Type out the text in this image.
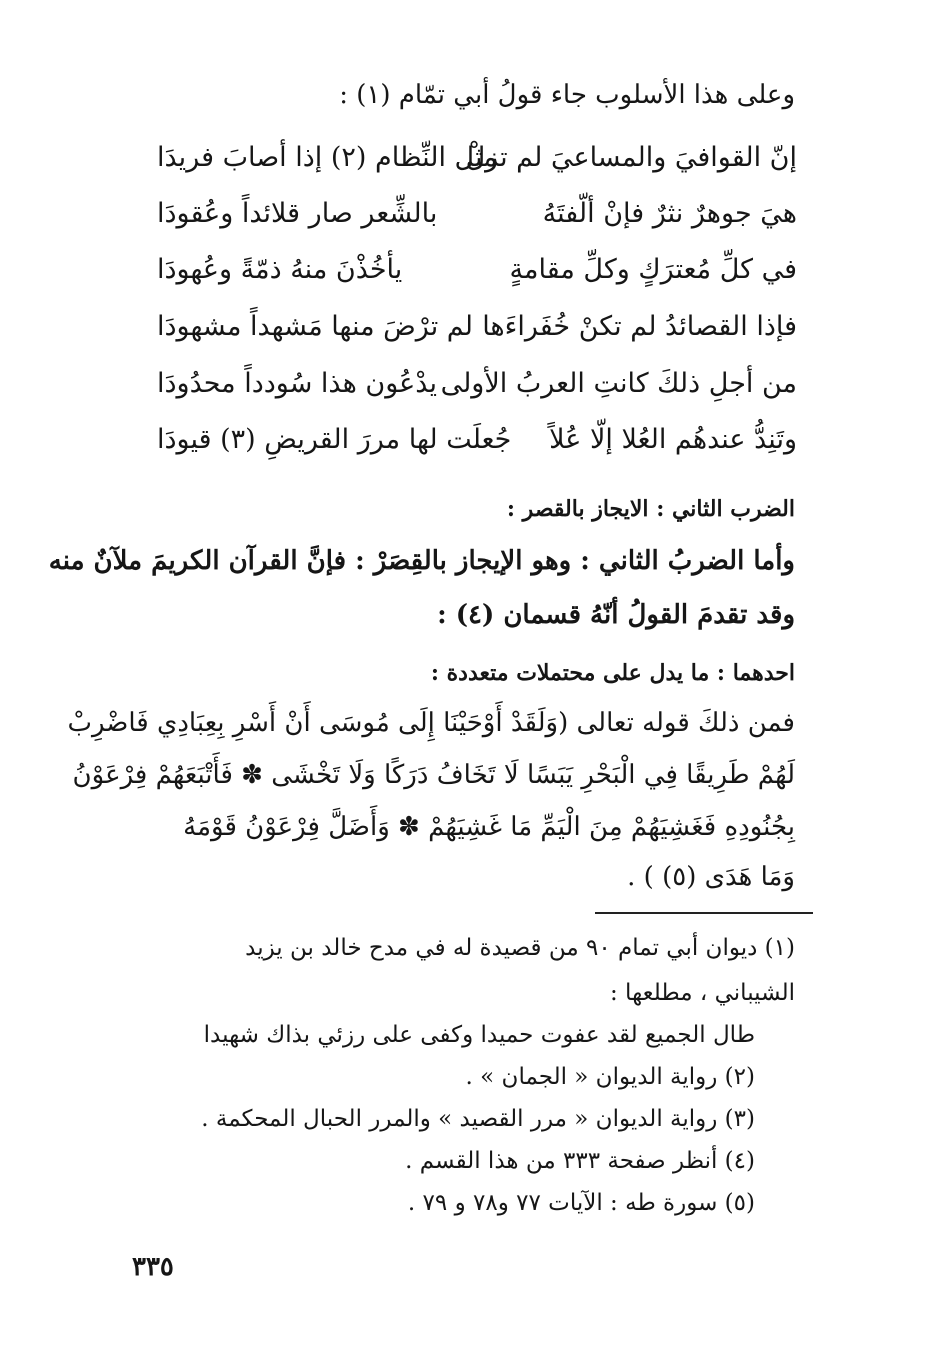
وعلى هذا الأسلوب جاء قولُ أبي تمّام (١) :
إنّ القوافيَ والمساعيَ لم تزلْ
مثل النِّظام (٢) إذا أصابَ فريدَا
هيَ جوهرٌ نثرٌ فإنْ ألّفتَهُ
بالشِّعر صار قلائداً وعُقودَا
في كلِّ مُعترَكٍ وكلِّ مقامةٍ
يأخُذْنَ منهُ ذمّةً وعُهودَا
فإذا القصائدُ لم تكنْ خُفَراءَها
لم ترْضَ منها مَشهداً مشهودَا
من أجلِ ذلكَ كانتِ العربُ الأولى
يدْعُون هذا سُودداً محدُودَا
وتَنِدُّ عندهُم العُلا إلّا عُلاً
جُعلَت لها مررَ القريضِ (٣) قيودَا
الضرب الثاني : الايجاز بالقصر :
وأما الضربُ الثاني : وهو الإيجاز بالقِصَرْ : فإنَّ القرآن الكريمَ ملآنٌ منه
وقد تقدمَ القولُ أنّهُ قسمان (٤) :
احدهما : ما يدل على محتملات متعددة :
فمن ذلكَ قوله تعالى (وَلَقَدْ أَوْحَيْنَا إِلَى مُوسَى أَنْ أَسْرِ بِعِبَادِي فَاضْرِبْ
لَهُمْ طَرِيقًا فِي الْبَحْرِ يَبَسًا لَا تَخَافُ دَرَكًا وَلَا تَخْشَى ✽ فَأَتْبَعَهُمْ فِرْعَوْنُ
بِجُنُودِهِ فَغَشِيَهُمْ مِنَ الْيَمِّ مَا غَشِيَهُمْ ✽ وَأَضَلَّ فِرْعَوْنُ قَوْمَهُ
وَمَا هَدَى (٥) ) .
(١) ديوان أبي تمام ٩٠ من قصيدة له في مدح خالد بن يزيد
الشيباني ، مطلعها :
طال الجميع لقد عفوت حميدا وكفى على رزئي بذاك شهيدا
(٢) رواية الديوان « الجمان » .
(٣) رواية الديوان « مرر القصيد » والمرر الحبال المحكمة .
(٤) أنظر صفحة ٣٣٣ من هذا القسم .
(٥) سورة طه : الآيات ٧٧ و٧٨ و ٧٩ .
٣٣٥
